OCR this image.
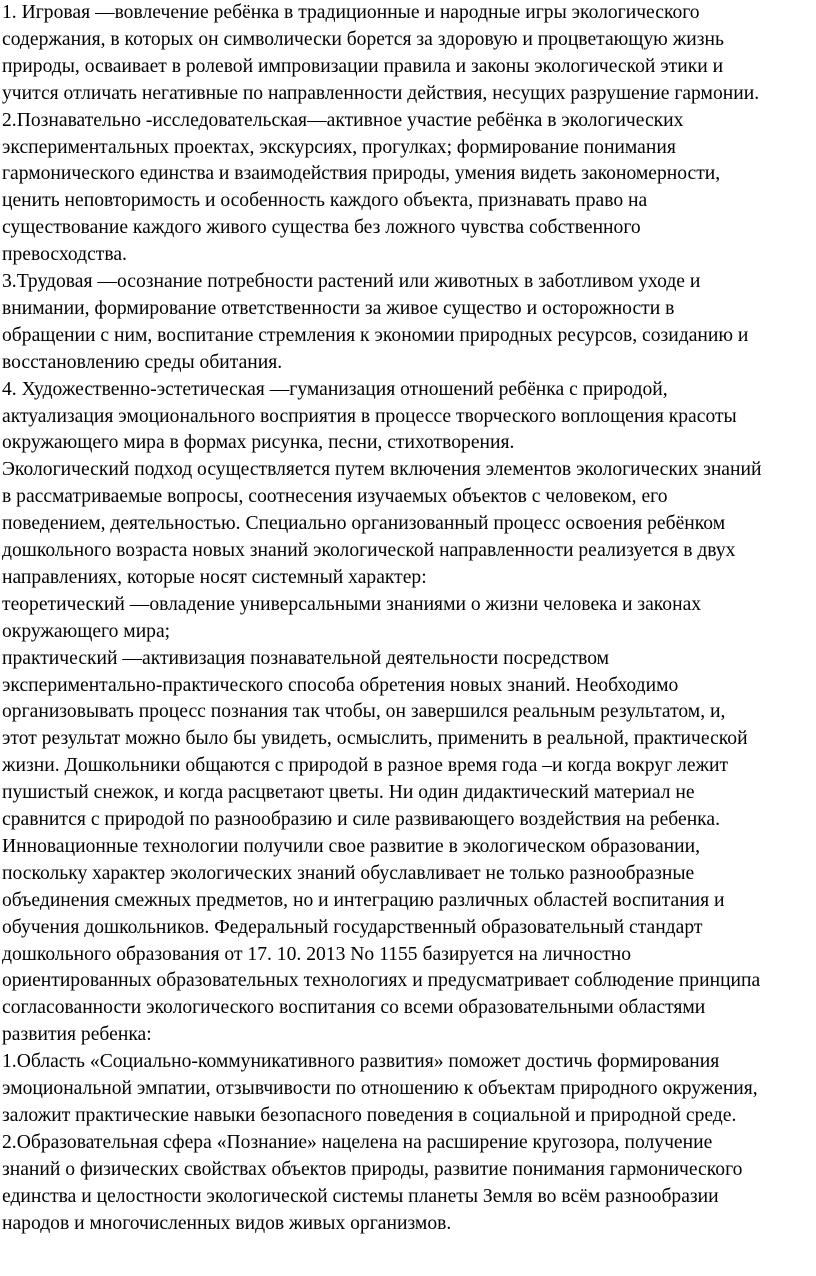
1. Игровая —вовлечение ребёнка в традиционные и народные игры экологического
содержания, в которых он символически борется за здоровую и процветающую жизнь
природы, осваивает в ролевой импровизации правила и законы экологической этики и
учится отличать негативные по направленности действия, несущих разрушение гармонии.
2.Познавательно -исследовательская—активное участие ребёнка в экологических
экспериментальных проектах, экскурсиях, прогулках; формирование понимания
гармонического единства и взаимодействия природы, умения видеть закономерности,
ценить неповторимость и особенность каждого объекта, признавать право на
существование каждого живого существа без ложного чувства собственного
превосходства.
3.Трудовая —осознание потребности растений или животных в заботливом уходе и
внимании, формирование ответственности за живое существо и осторожности в
обращении с ним, воспитание стремления к экономии природных ресурсов, созиданию и
восстановлению среды обитания.
4. Художественно-эстетическая —гуманизация отношений ребёнка с природой,
актуализация эмоционального восприятия в процессе творческого воплощения красоты
окружающего мира в формах рисунка, песни, стихотворения.
Экологический подход осуществляется путем включения элементов экологических знаний
в рассматриваемые вопросы, соотнесения изучаемых объектов с человеком, его
поведением, деятельностью. Специально организованный процесс освоения ребёнком
дошкольного возраста новых знаний экологической направленности реализуется в двух
направлениях, которые носят системный характер:
теоретический —овладение универсальными знаниями о жизни человека и законах
окружающего мира;
практический —активизация познавательной деятельности посредством
экспериментально-практического способа обретения новых знаний. Необходимо
организовывать процесс познания так чтобы, он завершился реальным результатом, и,
этот результат можно было бы увидеть, осмыслить, применить в реальной, практической
жизни. Дошкольники общаются с природой в разное время года –и когда вокруг лежит
пушистый снежок, и когда расцветают цветы. Ни один дидактический материал не
сравнится с природой по разнообразию и силе развивающего воздействия на ребенка.
Инновационные технологии получили свое развитие в экологическом образовании,
поскольку характер экологических знаний обуславливает не только разнообразные
объединения смежных предметов, но и интеграцию различных областей воспитания и
обучения дошкольников. Федеральный государственный образовательный стандарт
дошкольного образования от 17. 10. 2013 No 1155 базируется на личностно
ориентированных образовательных технологиях и предусматривает соблюдение принципа
согласованности экологического воспитания со всеми образовательными областями
развития ребенка:
1.Область «Социально-коммуникативного развития» поможет достичь формирования
эмоциональной эмпатии, отзывчивости по отношению к объектам природного окружения,
заложит практические навыки безопасного поведения в социальной и природной среде.
2.Образовательная сфера «Познание» нацелена на расширение кругозора, получение
знаний о физических свойствах объектов природы, развитие понимания гармонического
единства и целостности экологической системы планеты Земля во всём разнообразии
народов и многочисленных видов живых организмов.
